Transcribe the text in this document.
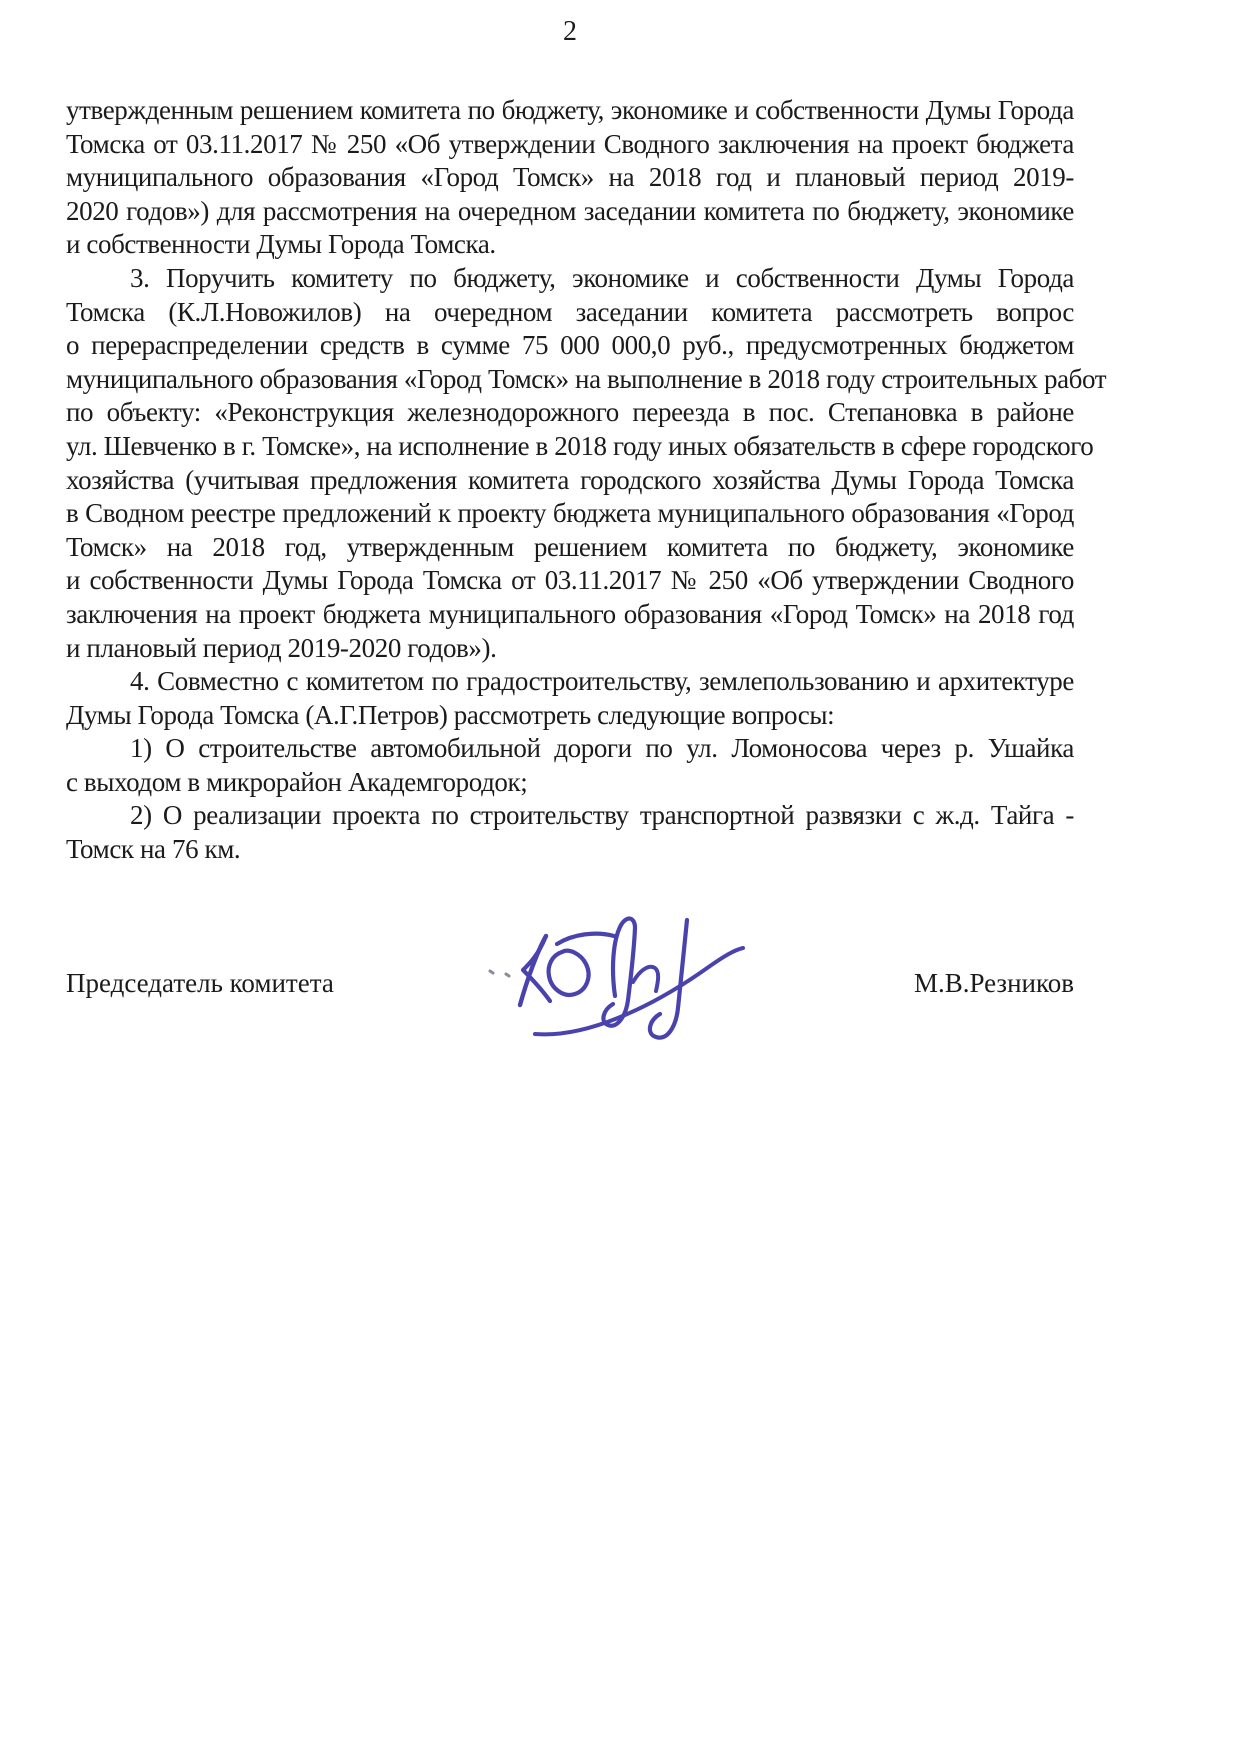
2
утвержденным решением комитета по бюджету, экономике и собственности Думы Города
Томска от 03.11.2017 № 250 «Об утверждении Сводного заключения на проект бюджета
муниципального образования «Город Томск» на 2018 год и плановый период 2019-
2020 годов») для рассмотрения на очередном заседании комитета по бюджету, экономике
и собственности Думы Города Томска.
3. Поручить комитету по бюджету, экономике и собственности Думы Города
Томска (К.Л.Новожилов) на очередном заседании комитета рассмотреть вопрос
о перераспределении средств в сумме 75 000 000,0 руб., предусмотренных бюджетом
муниципального образования «Город Томск» на выполнение в 2018 году строительных работ
по объекту: «Реконструкция железнодорожного переезда в пос. Степановка в районе
ул. Шевченко в г. Томске», на исполнение в 2018 году иных обязательств в сфере городского
хозяйства (учитывая предложения комитета городского хозяйства Думы Города Томска
в Сводном реестре предложений к проекту бюджета муниципального образования «Город
Томск» на 2018 год, утвержденным решением комитета по бюджету, экономике
и собственности Думы Города Томска от 03.11.2017 № 250 «Об утверждении Сводного
заключения на проект бюджета муниципального образования «Город Томск» на 2018 год
и плановый период 2019-2020 годов»).
4. Совместно с комитетом по градостроительству, землепользованию и архитектуре
Думы Города Томска (А.Г.Петров) рассмотреть следующие вопросы:
1) О строительстве автомобильной дороги по ул. Ломоносова через р. Ушайка
с выходом в микрорайон Академгородок;
2) О реализации проекта по строительству транспортной развязки с ж.д. Тайга -
Томск на 76 км.
Председатель комитета	М.В.Резников
